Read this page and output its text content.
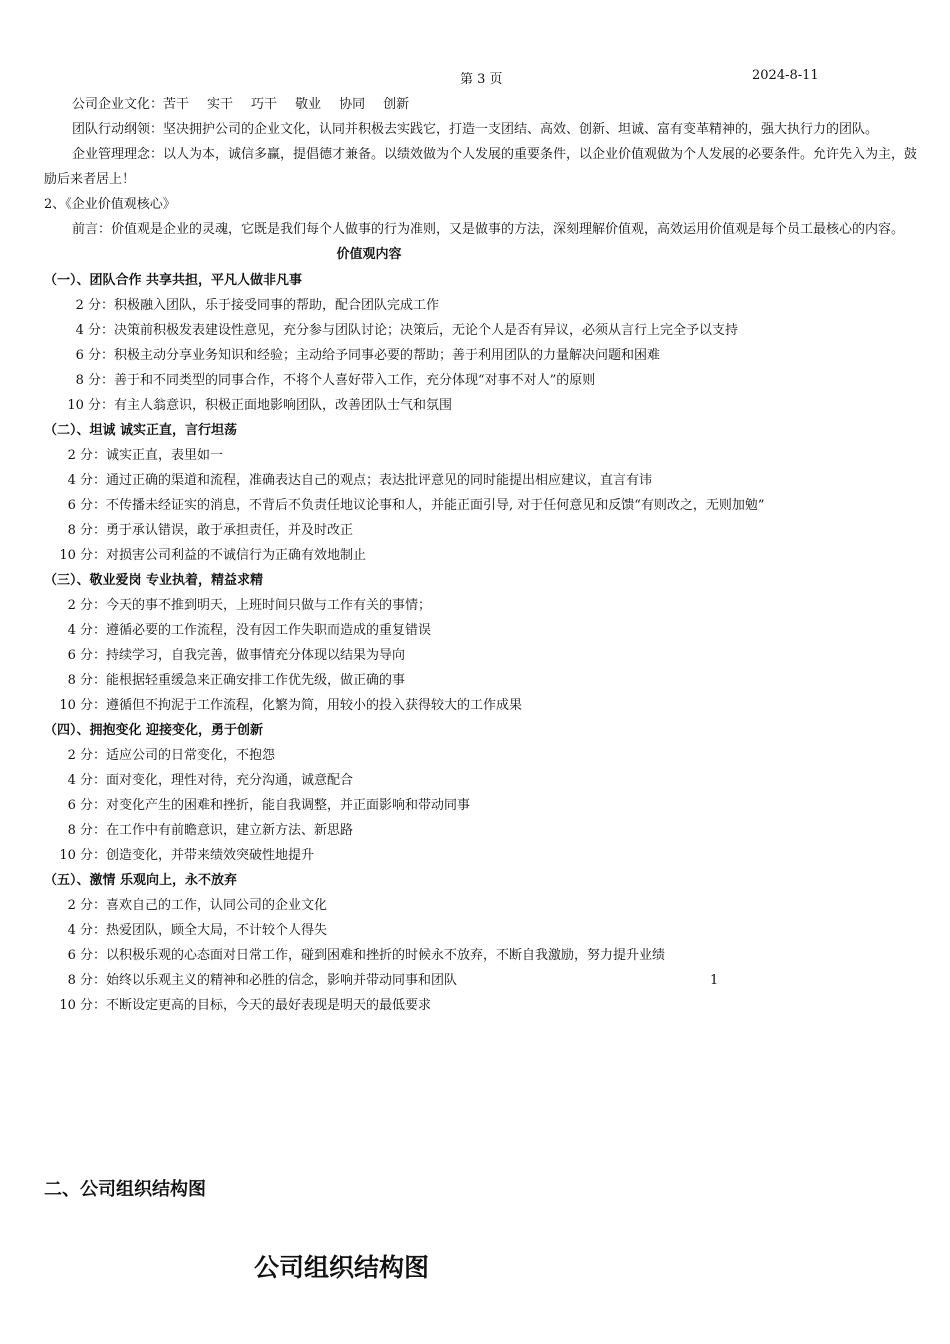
第 3 页	2024-8-11

公司企业文化：苦干 实干 巧干 敬业 协同 创新

团队行动纲领：坚决拥护公司的企业文化，认同并积极去实践它，打造一支团结、高效、创新、坦诚、富有变革精神的，强大执行力的团队。

企业管理理念：以人为本，诚信多赢，提倡德才兼备。以绩效做为个人发展的重要条件，以企业价值观做为个人发展的必要条件。允许先入为主，鼓励后来者居上！

2、《企业价值观核心》

前言：价值观是企业的灵魂，它既是我们每个人做事的行为准则，又是做事的方法，深刻理解价值观，高效运用价值观是每个员工最核心的内容。

价值观内容
（一）、团队合作 共享共担，平凡人做非凡事
2 分：积极融入团队，乐于接受同事的帮助，配合团队完成工作
4 分：决策前积极发表建设性意见，充分参与团队讨论；决策后，无论个人是否有异议，必须从言行上完全予以支持
6 分：积极主动分享业务知识和经验；主动给予同事必要的帮助；善于利用团队的力量解决问题和困难
8 分：善于和不同类型的同事合作，不将个人喜好带入工作，充分体现“对事不对人”的原则
10 分：有主人翁意识，积极正面地影响团队，改善团队士气和氛围
（二）、坦诚 诚实正直，言行坦荡
2 分：诚实正直，表里如一
4 分：通过正确的渠道和流程，准确表达自己的观点；表达批评意见的同时能提出相应建议，直言有讳
6 分：不传播未经证实的消息，不背后不负责任地议论事和人，并能正面引导, 对于任何意见和反馈“有则改之，无则加勉”
8 分：勇于承认错误，敢于承担责任，并及时改正
10 分：对损害公司利益的不诚信行为正确有效地制止
（三）、敬业爱岗 专业执着，精益求精
2 分：今天的事不推到明天，上班时间只做与工作有关的事情；
4 分：遵循必要的工作流程，没有因工作失职而造成的重复错误
6 分：持续学习，自我完善，做事情充分体现以结果为导向
8 分：能根据轻重缓急来正确安排工作优先级，做正确的事
10 分：遵循但不拘泥于工作流程，化繁为简，用较小的投入获得较大的工作成果
（四）、拥抱变化 迎接变化，勇于创新
2 分：适应公司的日常变化，不抱怨
4 分：面对变化，理性对待，充分沟通，诚意配合
6 分：对变化产生的困难和挫折，能自我调整，并正面影响和带动同事
8 分：在工作中有前瞻意识，建立新方法、新思路
10 分：创造变化，并带来绩效突破性地提升
（五）、激情 乐观向上，永不放弃
2 分：喜欢自己的工作，认同公司的企业文化
4 分：热爱团队，顾全大局，不计较个人得失
6 分：以积极乐观的心态面对日常工作，碰到困难和挫折的时候永不放弃，不断自我激励，努力提升业绩
8 分：始终以乐观主义的精神和必胜的信念，影响并带动同事和团队	1
10 分：不断设定更高的目标，今天的最好表现是明天的最低要求
二、公司组织结构图
公司组织结构图
